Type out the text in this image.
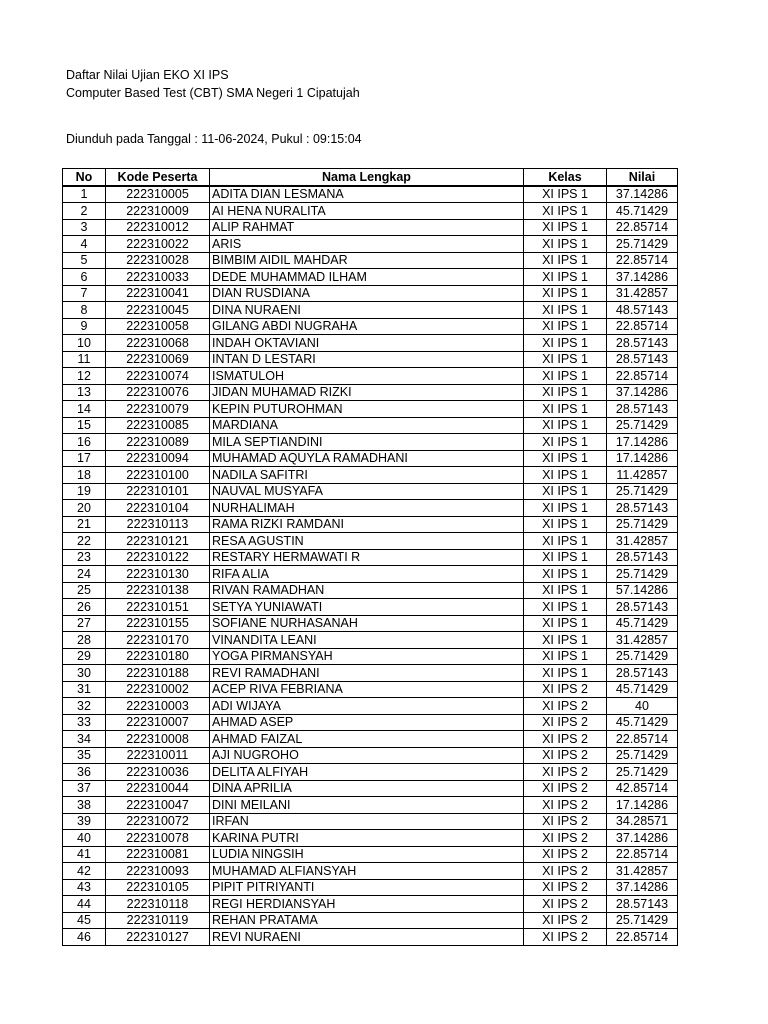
Daftar Nilai Ujian EKO XI IPS
Computer Based Test (CBT) SMA Negeri 1 Cipatujah
Diunduh pada Tanggal : 11-06-2024, Pukul : 09:15:04
No	Kode Peserta	Nama Lengkap	Kelas	Nilai
1	222310005	ADITA DIAN LESMANA	XI IPS 1	37.14286
2	222310009	AI HENA NURALITA	XI IPS 1	45.71429
3	222310012	ALIP RAHMAT	XI IPS 1	22.85714
4	222310022	ARIS	XI IPS 1	25.71429
5	222310028	BIMBIM AIDIL MAHDAR	XI IPS 1	22.85714
6	222310033	DEDE MUHAMMAD ILHAM	XI IPS 1	37.14286
7	222310041	DIAN RUSDIANA	XI IPS 1	31.42857
8	222310045	DINA NURAENI	XI IPS 1	48.57143
9	222310058	GILANG ABDI NUGRAHA	XI IPS 1	22.85714
10	222310068	INDAH OKTAVIANI	XI IPS 1	28.57143
11	222310069	INTAN D LESTARI	XI IPS 1	28.57143
12	222310074	ISMATULOH	XI IPS 1	22.85714
13	222310076	JIDAN MUHAMAD RIZKI	XI IPS 1	37.14286
14	222310079	KEPIN PUTUROHMAN	XI IPS 1	28.57143
15	222310085	MARDIANA	XI IPS 1	25.71429
16	222310089	MILA SEPTIANDINI	XI IPS 1	17.14286
17	222310094	MUHAMAD AQUYLA RAMADHANI	XI IPS 1	17.14286
18	222310100	NADILA SAFITRI	XI IPS 1	11.42857
19	222310101	NAUVAL MUSYAFA	XI IPS 1	25.71429
20	222310104	NURHALIMAH	XI IPS 1	28.57143
21	222310113	RAMA RIZKI RAMDANI	XI IPS 1	25.71429
22	222310121	RESA AGUSTIN	XI IPS 1	31.42857
23	222310122	RESTARY HERMAWATI R	XI IPS 1	28.57143
24	222310130	RIFA ALIA	XI IPS 1	25.71429
25	222310138	RIVAN RAMADHAN	XI IPS 1	57.14286
26	222310151	SETYA YUNIAWATI	XI IPS 1	28.57143
27	222310155	SOFIANE NURHASANAH	XI IPS 1	45.71429
28	222310170	VINANDITA LEANI	XI IPS 1	31.42857
29	222310180	YOGA PIRMANSYAH	XI IPS 1	25.71429
30	222310188	REVI RAMADHANI	XI IPS 1	28.57143
31	222310002	ACEP RIVA FEBRIANA	XI IPS 2	45.71429
32	222310003	ADI WIJAYA	XI IPS 2	40
33	222310007	AHMAD ASEP	XI IPS 2	45.71429
34	222310008	AHMAD FAIZAL	XI IPS 2	22.85714
35	222310011	AJI NUGROHO	XI IPS 2	25.71429
36	222310036	DELITA ALFIYAH	XI IPS 2	25.71429
37	222310044	DINA APRILIA	XI IPS 2	42.85714
38	222310047	DINI MEILANI	XI IPS 2	17.14286
39	222310072	IRFAN	XI IPS 2	34.28571
40	222310078	KARINA PUTRI	XI IPS 2	37.14286
41	222310081	LUDIA NINGSIH	XI IPS 2	22.85714
42	222310093	MUHAMAD ALFIANSYAH	XI IPS 2	31.42857
43	222310105	PIPIT PITRIYANTI	XI IPS 2	37.14286
44	222310118	REGI HERDIANSYAH	XI IPS 2	28.57143
45	222310119	REHAN PRATAMA	XI IPS 2	25.71429
46	222310127	REVI NURAENI	XI IPS 2	22.85714
